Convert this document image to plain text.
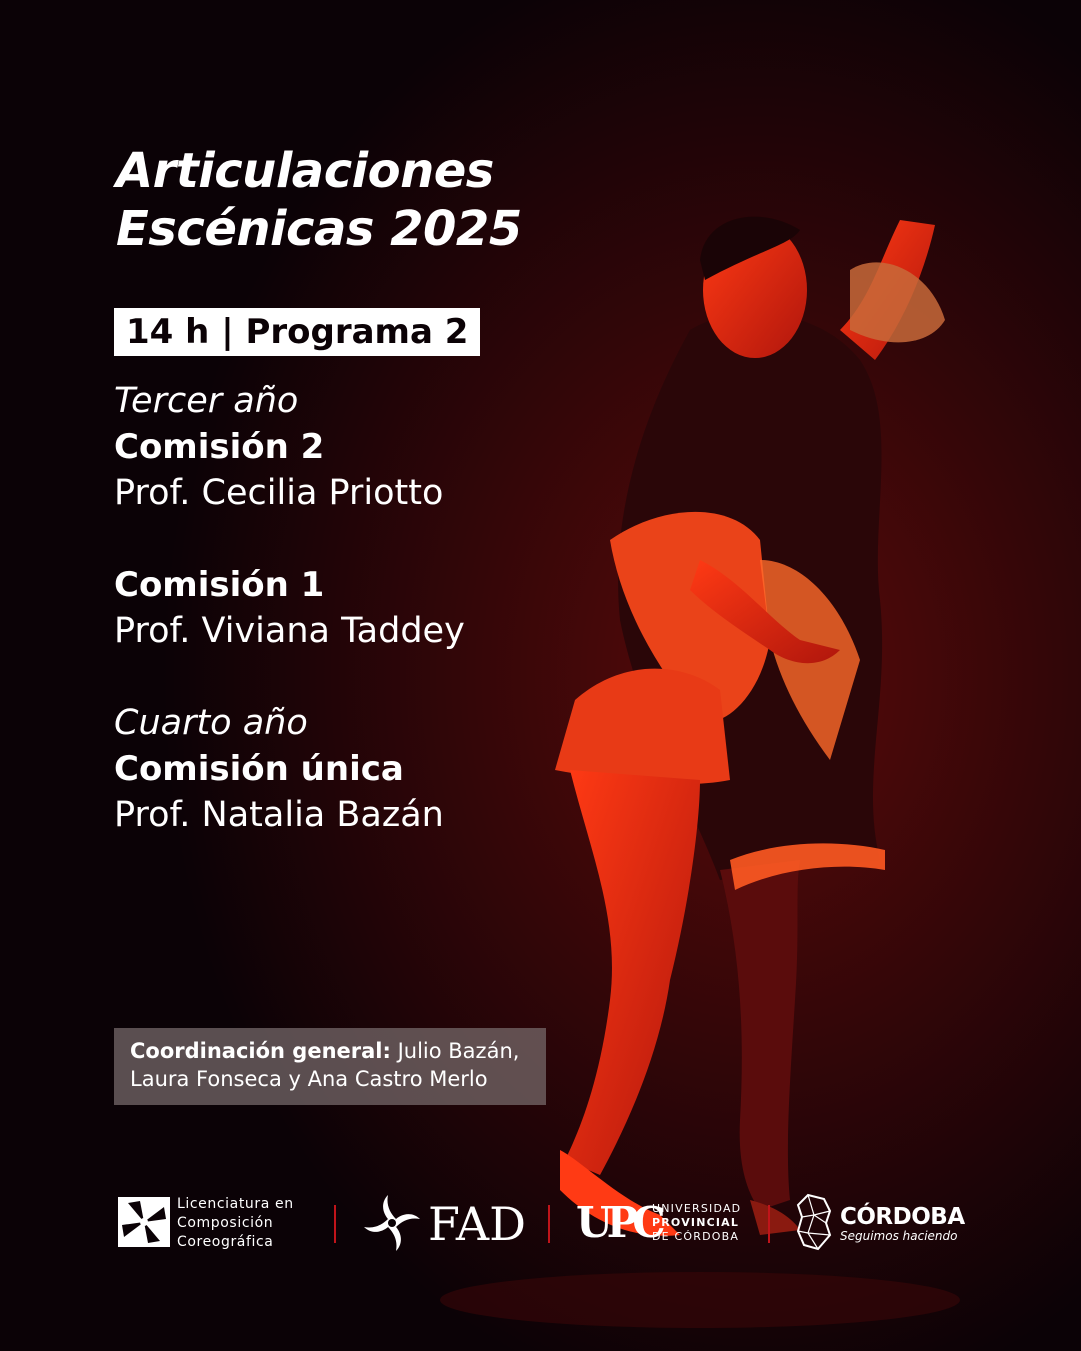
Articulaciones
Escénicas 2025
14 h | Programa 2
Tercer año
Comisión 2
Prof. Cecilia Priotto
Comisión 1
Prof. Viviana Taddey
Cuarto año
Comisión única
Prof. Natalia Bazán
Coordinación general: Julio Bazán,
Laura Fonseca y Ana Castro Merlo
Licenciatura en
Composición
Coreográfica	FAD UPC
UNIVERSIDAD
PROVINCIAL
DE CÓRDOBA
CÓRDOBA
Seguimos haciendo
